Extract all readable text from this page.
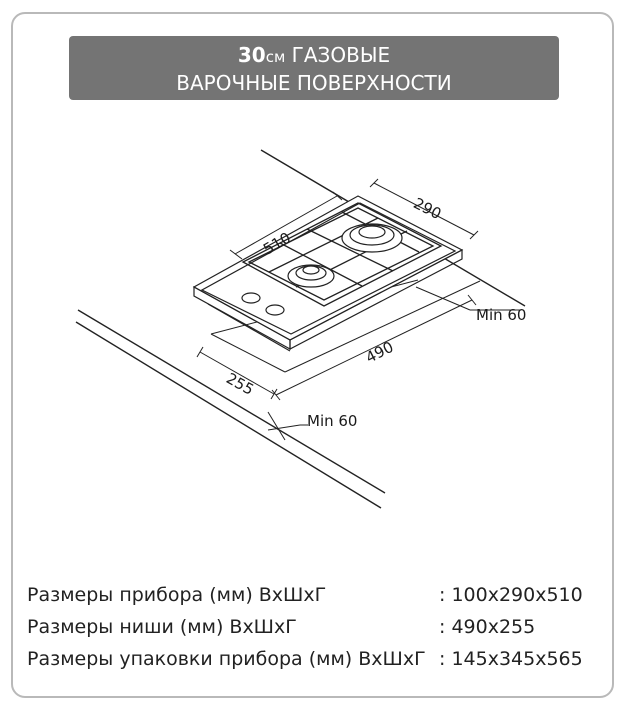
30см ГАЗОВЫЕ
ВАРОЧНЫЕ ПОВЕРХНОСТИ
510
290
490
255
Min 60
Min 60
Размеры прибора (мм) ВхШхГ	: 100x290x510
Размеры ниши (мм) ВхШхГ	: 490x255
Размеры упаковки прибора (мм) ВхШхГ : 145x345x565
